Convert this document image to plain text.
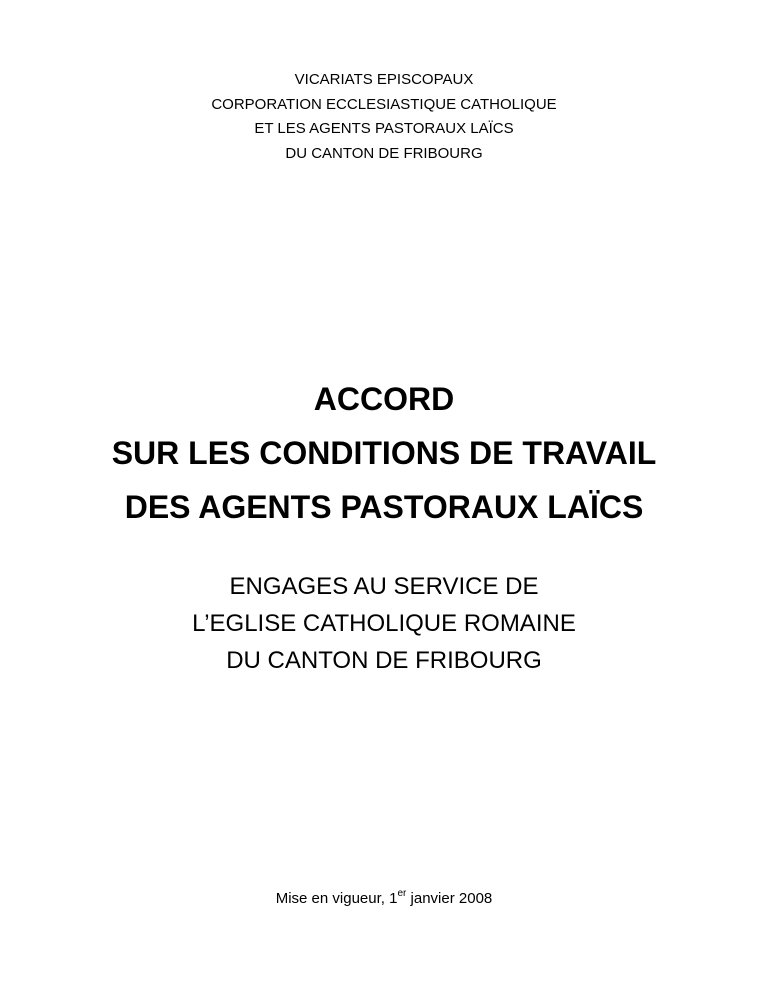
VICARIATS EPISCOPAUX

CORPORATION ECCLESIASTIQUE CATHOLIQUE

ET LES AGENTS PASTORAUX LAÏCS

DU CANTON DE FRIBOURG

ACCORD

SUR LES CONDITIONS DE TRAVAIL

DES AGENTS PASTORAUX LAÏCS

ENGAGES AU SERVICE DE

L’EGLISE CATHOLIQUE ROMAINE

DU CANTON DE FRIBOURG

Mise en vigueur, 1er janvier 2008
